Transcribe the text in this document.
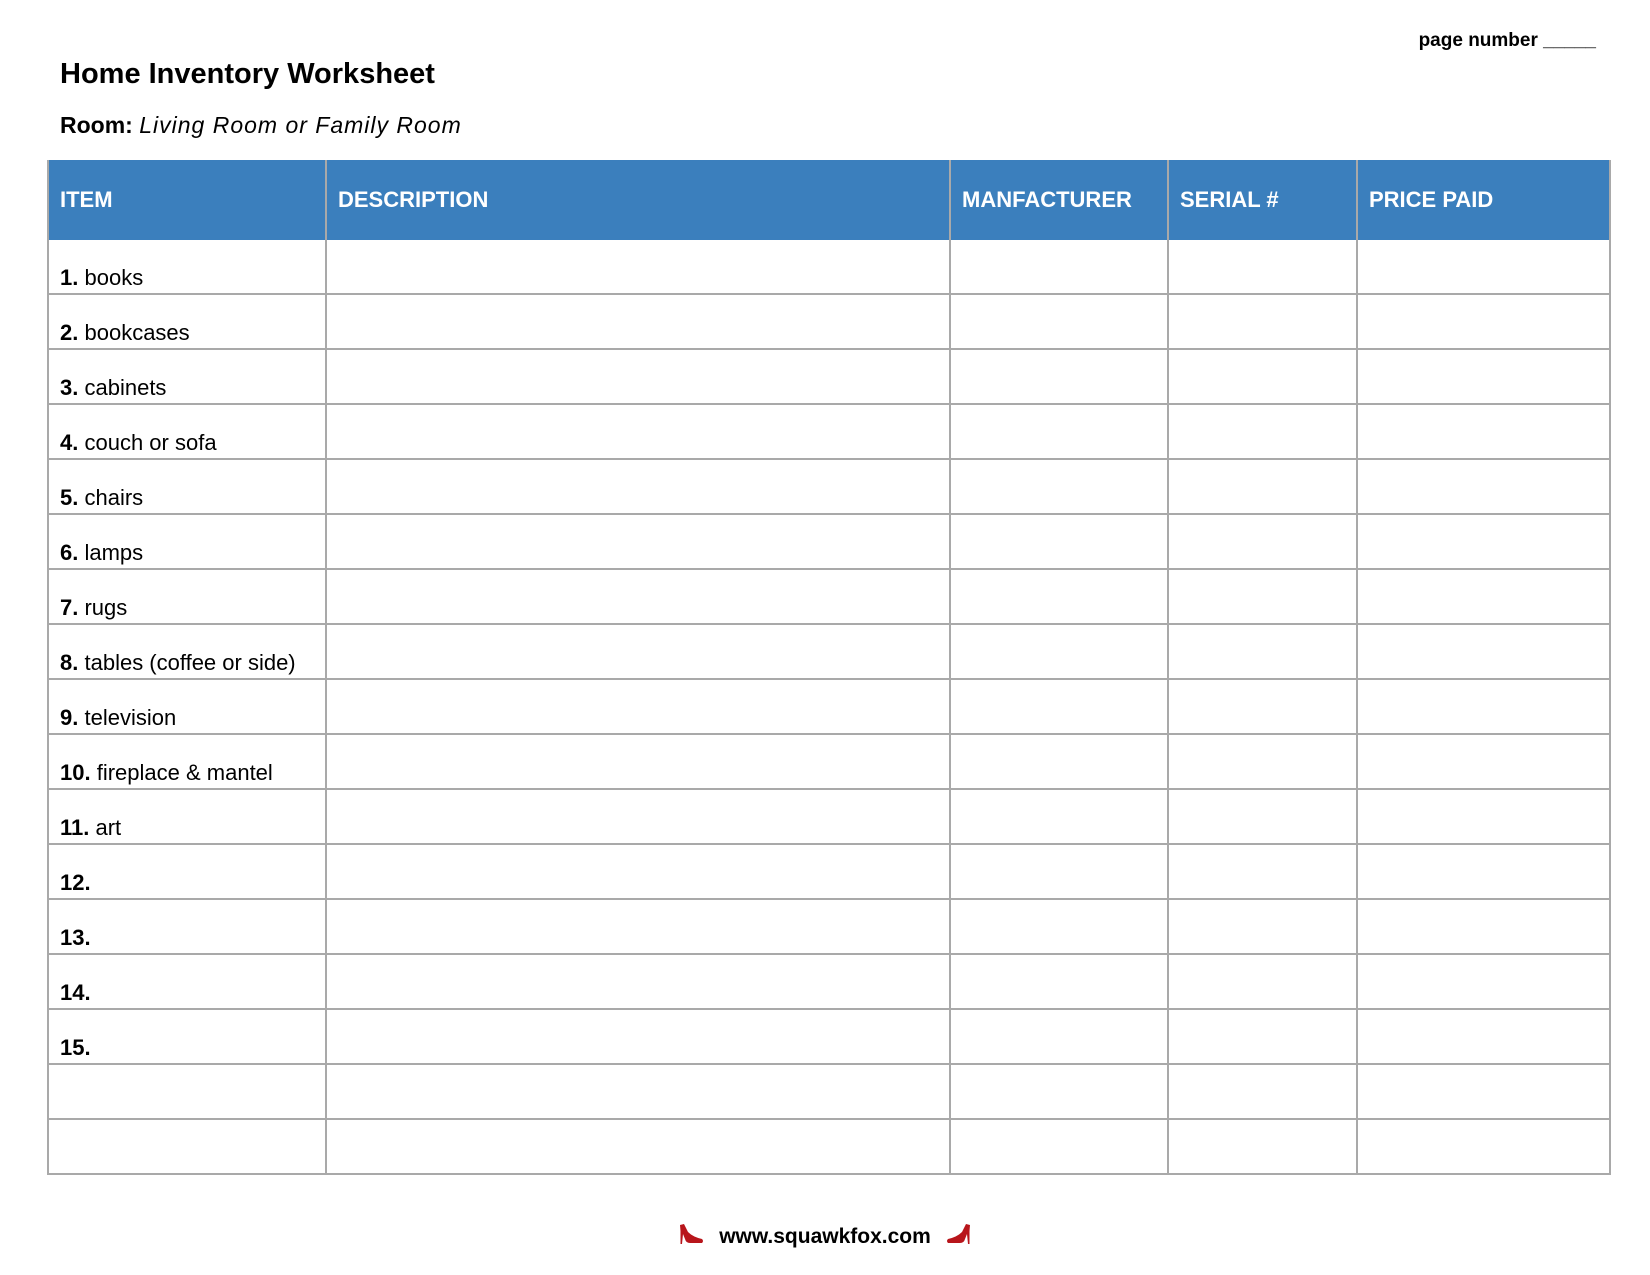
page number _____
Home Inventory Worksheet
Room: Living Room or Family Room
ITEM	DESCRIPTION	MANFACTURER	SERIAL #	PRICE PAID
1. books				
2. bookcases				
3. cabinets				
4. couch or sofa				
5. chairs				
6. lamps				
7. rugs				
8. tables (coffee or side)				
9. television				
10. fireplace & mantel				
11. art				
12.				
13.				
14.				
15.				

www.squawkfox.com
